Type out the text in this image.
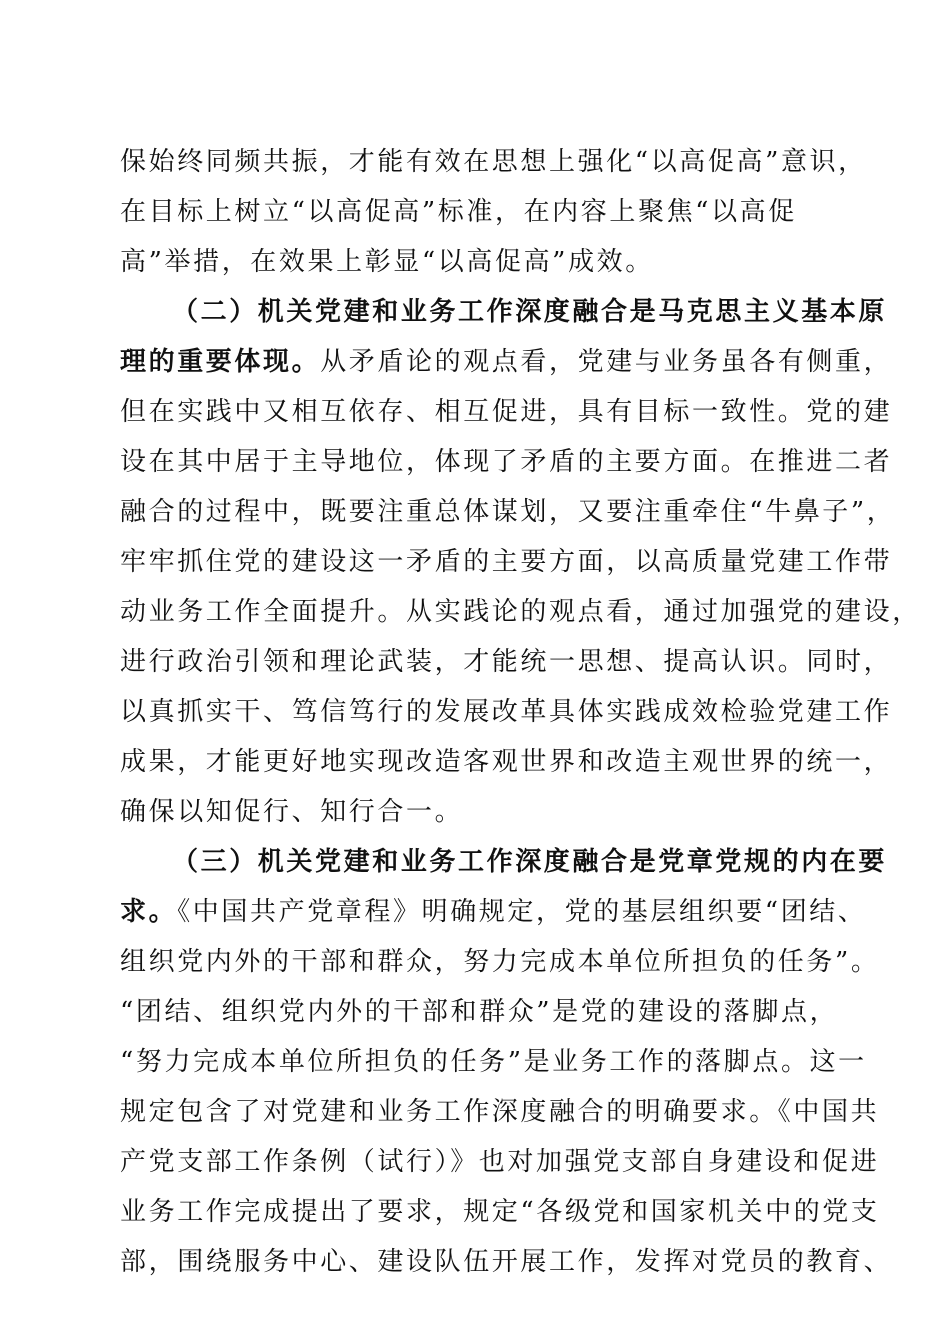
保始终同频共振，才能有效在思想上强化“以高促高”意识，
在目标上树立“以高促高”标准，在内容上聚焦“以高促
高”举措，在效果上彰显“以高促高”成效。
（二）机关党建和业务工作深度融合是马克思主义基本原
理的重要体现。从矛盾论的观点看，党建与业务虽各有侧重，
但在实践中又相互依存、相互促进，具有目标一致性。党的建
设在其中居于主导地位，体现了矛盾的主要方面。在推进二者
融合的过程中，既要注重总体谋划，又要注重牵住“牛鼻子”，
牢牢抓住党的建设这一矛盾的主要方面，以高质量党建工作带
动业务工作全面提升。从实践论的观点看，通过加强党的建设，
进行政治引领和理论武装，才能统一思想、提高认识。同时，
以真抓实干、笃信笃行的发展改革具体实践成效检验党建工作
成果，才能更好地实现改造客观世界和改造主观世界的统一，
确保以知促行、知行合一。
（三）机关党建和业务工作深度融合是党章党规的内在要
求。《中国共产党章程》明确规定，党的基层组织要“团结、
组织党内外的干部和群众，努力完成本单位所担负的任务”。
“团结、组织党内外的干部和群众”是党的建设的落脚点，
“努力完成本单位所担负的任务”是业务工作的落脚点。这一
规定包含了对党建和业务工作深度融合的明确要求。《中国共
产党支部工作条例（试行）》也对加强党支部自身建设和促进
业务工作完成提出了要求，规定“各级党和国家机关中的党支
部，围绕服务中心、建设队伍开展工作，发挥对党员的教育、
